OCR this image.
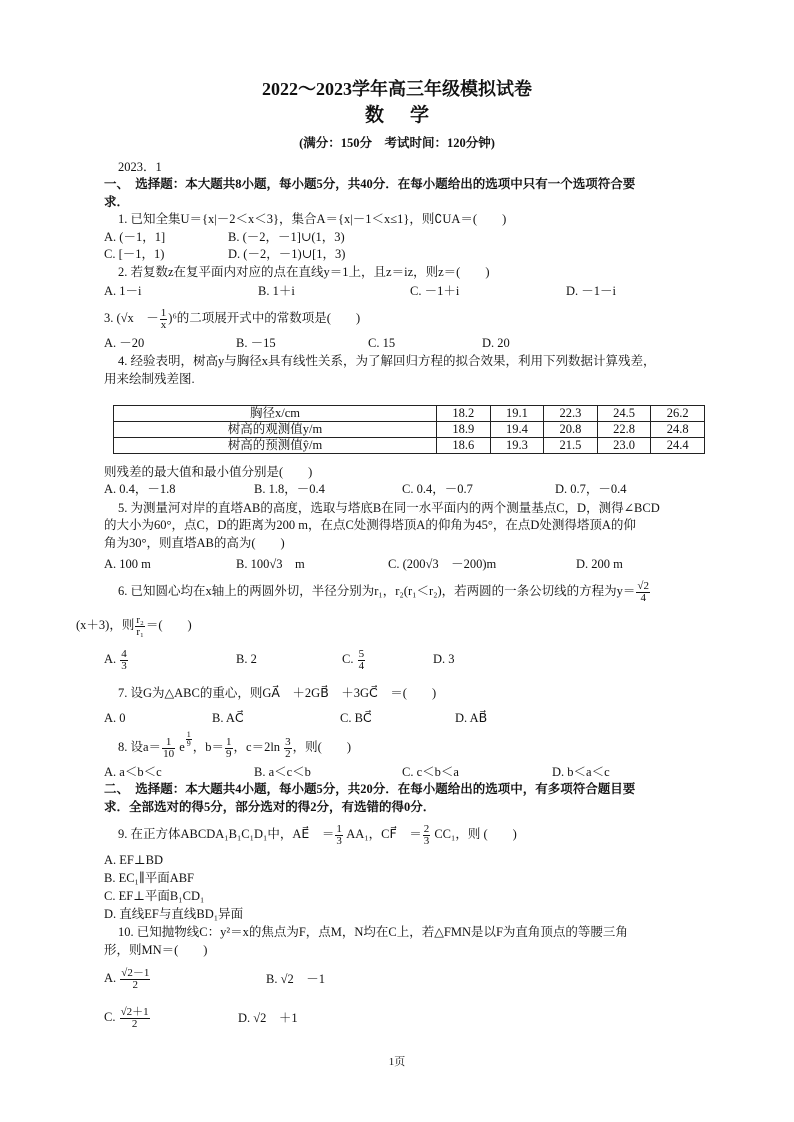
2022～2023学年高三年级模拟试卷
数学
(满分：150分　考试时间：120分钟)
2023．1
一、　选择题：本大题共8小题，每小题5分，共40分．在每小题给出的选项中只有一个选项符合要
求．
1. 已知全集U＝{x|－2＜x＜3}，集合A＝{x|－1＜x≤1}，则∁UA＝(　　)
A. (－1，1]	B. (－2，－1]∪(1，3)
C. [－1，1)	D. (－2，－1)∪[1，3)
2. 若复数z在复平面内对应的点在直线y＝1上，且z＝iz，则z＝(　　)
A. 1－i	B. 1＋i	C. －1＋i	D. －1－i
3. (√x　－ $\frac{1}{x} )^6$的二项展开式中的常数项是(　　)
A. －20	B. －15	C. 15	D. 20
4. 经验表明，树高y与胸径x具有线性关系，为了解回归方程的拟合效果，利用下列数据计算残差，
用来绘制残差图.
胸径x/cm	18.2	19.1	22.3	24.5	26.2
树高的观测值y/m	18.9	19.4	20.8	22.8	24.8
树高的预测值ŷ/m	18.6	19.3	21.5	23.0	24.4
则残差的最大值和最小值分别是(　　)
A. 0.4，－1.8	B. 1.8，－0.4	C. 0.4，－0.7	D. 0.7，－0.4
5. 为测量河对岸的直塔AB的高度，选取与塔底B在同一水平面内的两个测量基点C，D，测得∠BCD
的大小为60°，点C，D的距离为200 m，在点C处测得塔顶A的仰角为45°，在点D处测得塔顶A的仰
角为30°，则直塔AB的高为(　　)
A. 100 m	B. 100√3　m	C. (200√3　－200)m	D. 200 m
6. 已知圆心均在x轴上的两圆外切，半径分别为r₁，r₂(r₁＜r₂)，若两圆的一条公切线的方程为$y= \frac{√2}{4}$
(x＋3)，则 $\frac{\text{r₂}}{\text{r₁}}$ ＝(　　)
A. $\frac{4}{3}$	B. 2	C. $\frac{5}{4}$	D. 3
7. 设G为△ABC的重心，则GA⃗　＋2GB⃗　＋3GC⃗　＝(　　)
A. 0	B. AC⃗	C. BC⃗	D. AB⃗
8. 设$a= \frac{1}{10}$ e $\frac{1}{9}$ ，$b= \frac{1}{9}$ ，$c=2\ln \frac{3}{2}$ ，则(　　)
A. a＜b＜c	B. a＜c＜b	C. c＜b＜a	D. b＜a＜c
二、　选择题：本大题共4小题，每小题5分，共20分．在每小题给出的选项中，有多项符合题目要
求．全部选对的得5分，部分选对的得2分，有选错的得0分．
9. 在正方体ABCDA₁B₁C₁D₁中，AE⃗　＝ $\frac{1}{3} AA_1$，CF⃗　＝ $\frac{2}{3} CC_1$，则 (　　)
A. EF⊥BD
B. EC₁∥平面ABF
C. EF⊥平面B₁CD₁
D. 直线EF与直线BD₁异面
10. 已知抛物线C：y²＝x的焦点为F，点M，N均在C上，若△FMN是以F为直角顶点的等腰三角
形，则MN＝(　　)
A. $\frac{√2-1}{2}$	B. √2　－1
C. $\frac{√2+1}{2}$	D. √2　＋1
1页
